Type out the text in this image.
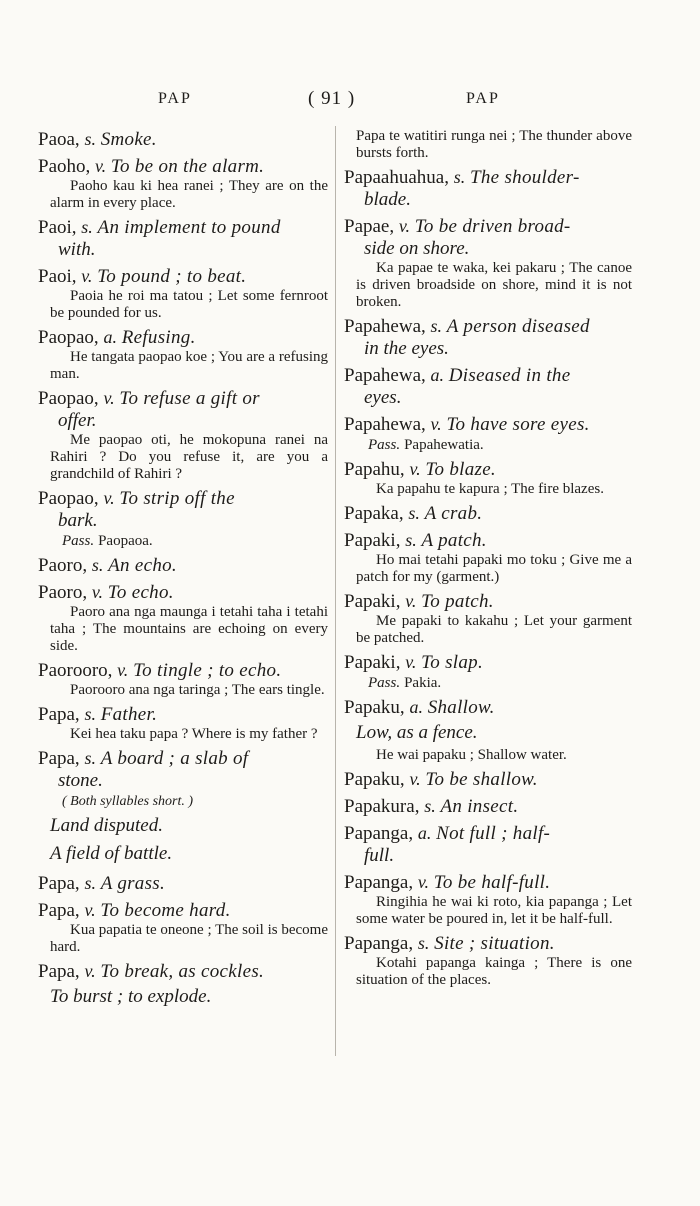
PAP	( 91 )	PAP
Paoa, s. Smoke.
Paoho, v. To be on the alarm.
Paoho kau ki hea ranei ; They are on the alarm in every place.
Paoi, s. An implement to pound
with.
Paoi, v. To pound ; to beat.
Paoia he roi ma tatou ; Let some fernroot be pounded for us.
Paopao, a. Refusing.
He tangata paopao koe ; You are a refusing man.
Paopao, v. To refuse a gift or
offer.
Me paopao oti, he mokopuna ranei na Rahiri ? Do you refuse it, are you a grandchild of Rahiri ?
Paopao, v. To strip off the
bark.
Pass. Paopaoa.
Paoro, s. An echo.
Paoro, v. To echo.
Paoro ana nga maunga i tetahi taha i tetahi taha ; The mountains are echoing on every side.
Paorooro, v. To tingle ; to echo.
Paorooro ana nga taringa ; The ears tingle.
Papa, s. Father.
Kei hea taku papa ? Where is my father ?
Papa, s. A board ; a slab of
stone.
( Both syllables short. )
Land disputed.
A field of battle.
Papa, s. A grass.
Papa, v. To become hard.
Kua papatia te oneone ; The soil is become hard.
Papa, v. To break, as cockles.
To burst ; to explode.
Papa te watitiri runga nei ; The thunder above bursts forth.
Papaahuahua, s. The shoulder-
blade.
Papae, v. To be driven broad-
side on shore.
Ka papae te waka, kei pakaru ; The canoe is driven broadside on shore, mind it is not broken.
Papahewa, s. A person diseased
in the eyes.
Papahewa, a. Diseased in the
eyes.
Papahewa, v. To have sore eyes.
Pass. Papahewatia.
Papahu, v. To blaze.
Ka papahu te kapura ; The fire blazes.
Papaka, s. A crab.
Papaki, s. A patch.
Ho mai tetahi papaki mo toku ; Give me a patch for my (garment.)
Papaki, v. To patch.
Me papaki to kakahu ; Let your garment be patched.
Papaki, v. To slap.
Pass. Pakia.
Papaku, a. Shallow.
Low, as a fence.
He wai papaku ; Shallow water.
Papaku, v. To be shallow.
Papakura, s. An insect.
Papanga, a. Not full ; half-
full.
Papanga, v. To be half-full.
Ringihia he wai ki roto, kia papanga ; Let some water be poured in, let it be half-full.
Papanga, s. Site ; situation.
Kotahi papanga kainga ; There is one situation of the places.
